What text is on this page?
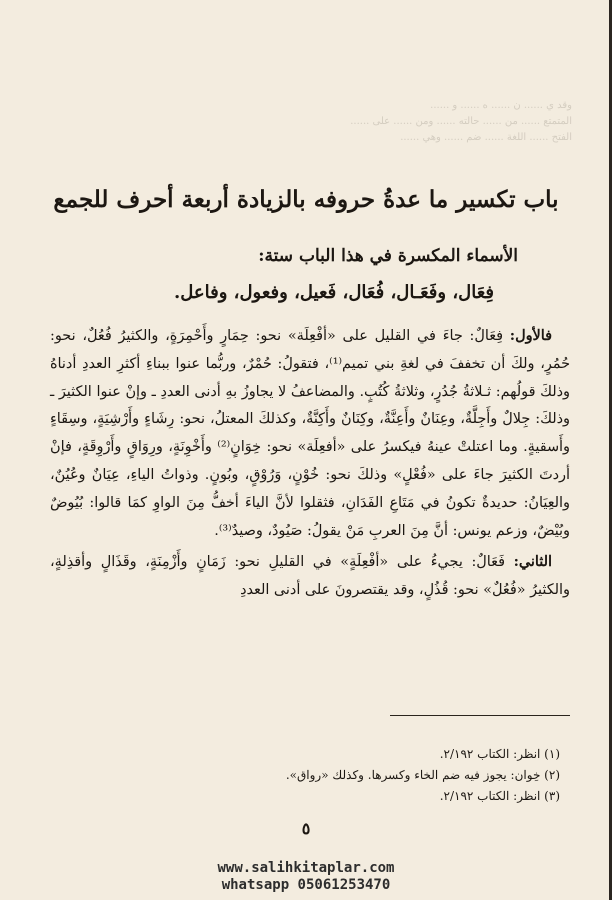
وقد ي ...... ن ...... ه ...... و ......
المتمتع ...... من ...... حالته ...... ومن ...... على ......
الفتح ...... اللغة ...... ضم ...... وهي ......
باب تكسير ما عدةُ حروفه بالزيادة أربعة أحرف للجمع
الأسماء المكسرة في هذا الباب ستة:
فِعَال، وفَعَـال، فُعَال، فَعيل، وفعول، وفاعل.

فالأول: فِعَالٌ: جاءَ في القليل على «أفْعِلَة» نحو: حِمَارٍ وأَحْمِرَةٍ، والكثيرُ فُعُلٌ، نحو: حُمُرٍ، ولكَ أن تخففَ في لغةِ بني تميم⁽¹⁾، فتقولُ: حُمْرٌ، وربُّما عنوا ببناءِ أكثرِ العددِ أدناهُ وذلكَ قولُهم: ثـلاثةُ جُدُرٍ، وثلاثةُ كُتُبٍ. والمضاعفُ لا يجاوزُ بهِ أدنى العددِ ـ وإنْ عنوا الكثيرَ ـ وذلكَ: جِلالٌ وأَجِلَّةٌ، وعِنَانٌ وأَعِنَّةٌ، وكِنَانٌ وأَكِنَّةٌ، وكذلكَ المعتلُ، نحو: رِشَاءٍ وأَرْشِيَةٍ، وسِقَاءٍ وأَسقيةٍ. وما اعتلتْ عينهُ فيكسرُ على «أفعِلَة» نحو: خِوَانٍ⁽²⁾ وأَخْوِنَةٍ، ورِوَاقٍ وأَرْوِقَةٍ، فإنْ أردتَ الكثيرَ جاءَ على «فُعْلٍ» وذلكَ نحو: خُوْنٍ، وَرُوْقٍ، وبُونٍ. وذواتُ الياءِ، عِيَانٌ وعُيُنٌ، والعِيَانُ: حديدةٌ تكونُ في مَتَاعِ الفَدَانِ، فثقلوا لأنَّ الياءَ أخفُّ مِنَ الواوِ كمَا قالوا: بُيُوضٌ وبُيْضٌ، وزعم يونس: أنَّ مِنَ العربِ مَنْ يقولُ: صَيُودٌ، وصيدٌ⁽³⁾.

الثاني: فَعَالٌ: يجيءُ على «أفْعِلَةٍ» في القليلِ نحو: زَمَانٍ وأَزْمِنَةٍ، وقَذَالٍ وأقذِلةٍ، والكثيرُ «فُعُلٌ» نحو: قُذُلٍ، وقد يقتصرونَ على أدنى العددِ

(١) انظر: الكتاب ٢/١٩٢.
(٢) خِوان: يجوز فيه ضم الخاء وكسرها. وكذلك «رواق».
(٣) انظر: الكتاب ٢/١٩٢.
٥
www.salihkitaplar.com
whatsapp 05061253470
